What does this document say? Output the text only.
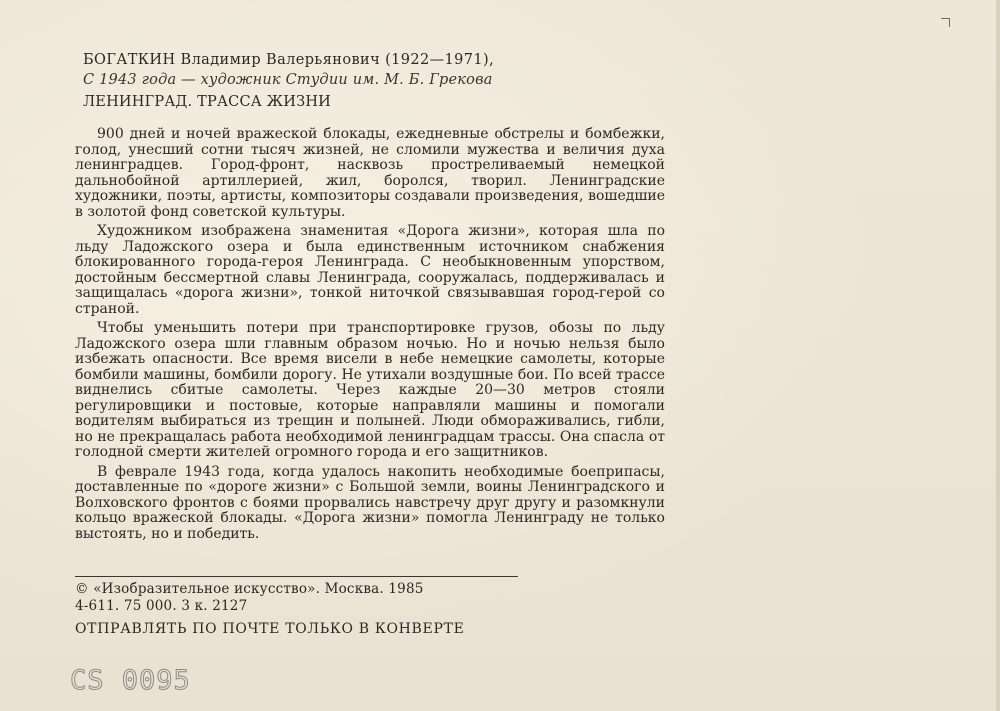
БОГАТКИН Владимир Валерьянович (1922—1971),
С 1943 года — художник Студии им. М. Б. Грекова
ЛЕНИНГРАД. ТРАССА ЖИЗНИ

900 дней и ночей вражеской блокады, ежедневные обстрелы и бомбежки, голод, унесший сотни тысяч жизней, не сломили мужества и величия духа ленинградцев. Город-фронт, насквозь простреливаемый немецкой дальнобойной артиллерией, жил, боролся, творил. Ленинградские художники, поэты, артисты, композиторы создавали произведения, вошедшие в золотой фонд советской культуры.

Художником изображена знаменитая «Дорога жизни», которая шла по льду Ладожского озера и была единственным источником снабжения блокированного города-героя Ленинграда. С необыкновенным упорством, достойным бессмертной славы Ленинграда, сооружалась, поддерживалась и защищалась «дорога жизни», тонкой ниточкой связывавшая город-герой со страной.

Чтобы уменьшить потери при транспортировке грузов, обозы по льду Ладожского озера шли главным образом ночью. Но и ночью нельзя было избежать опасности. Все время висели в небе немецкие самолеты, которые бомбили машины, бомбили дорогу. Не утихали воздушные бои. По всей трассе виднелись сбитые самолеты. Через каждые 20—30 метров стояли регулировщики и постовые, которые направляли машины и помогали водителям выбираться из трещин и полыней. Люди обмораживались, гибли, но не прекращалась работа необходимой ленинградцам трассы. Она спасла от голодной смерти жителей огромного города и его защитников.

В феврале 1943 года, когда удалось накопить необходимые боеприпасы, доставленные по «дороге жизни» с Большой земли, воины Ленинградского и Волховского фронтов с боями прорвались навстречу друг другу и разомкнули кольцо вражеской блокады. «Дорога жизни» помогла Ленинграду не только выстоять, но и победить.

© «Изобразительное искусство». Москва. 1985
4-611. 75 000. 3 к. 2127
ОТПРАВЛЯТЬ ПО ПОЧТЕ ТОЛЬКО В КОНВЕРТЕ
CS 0095
